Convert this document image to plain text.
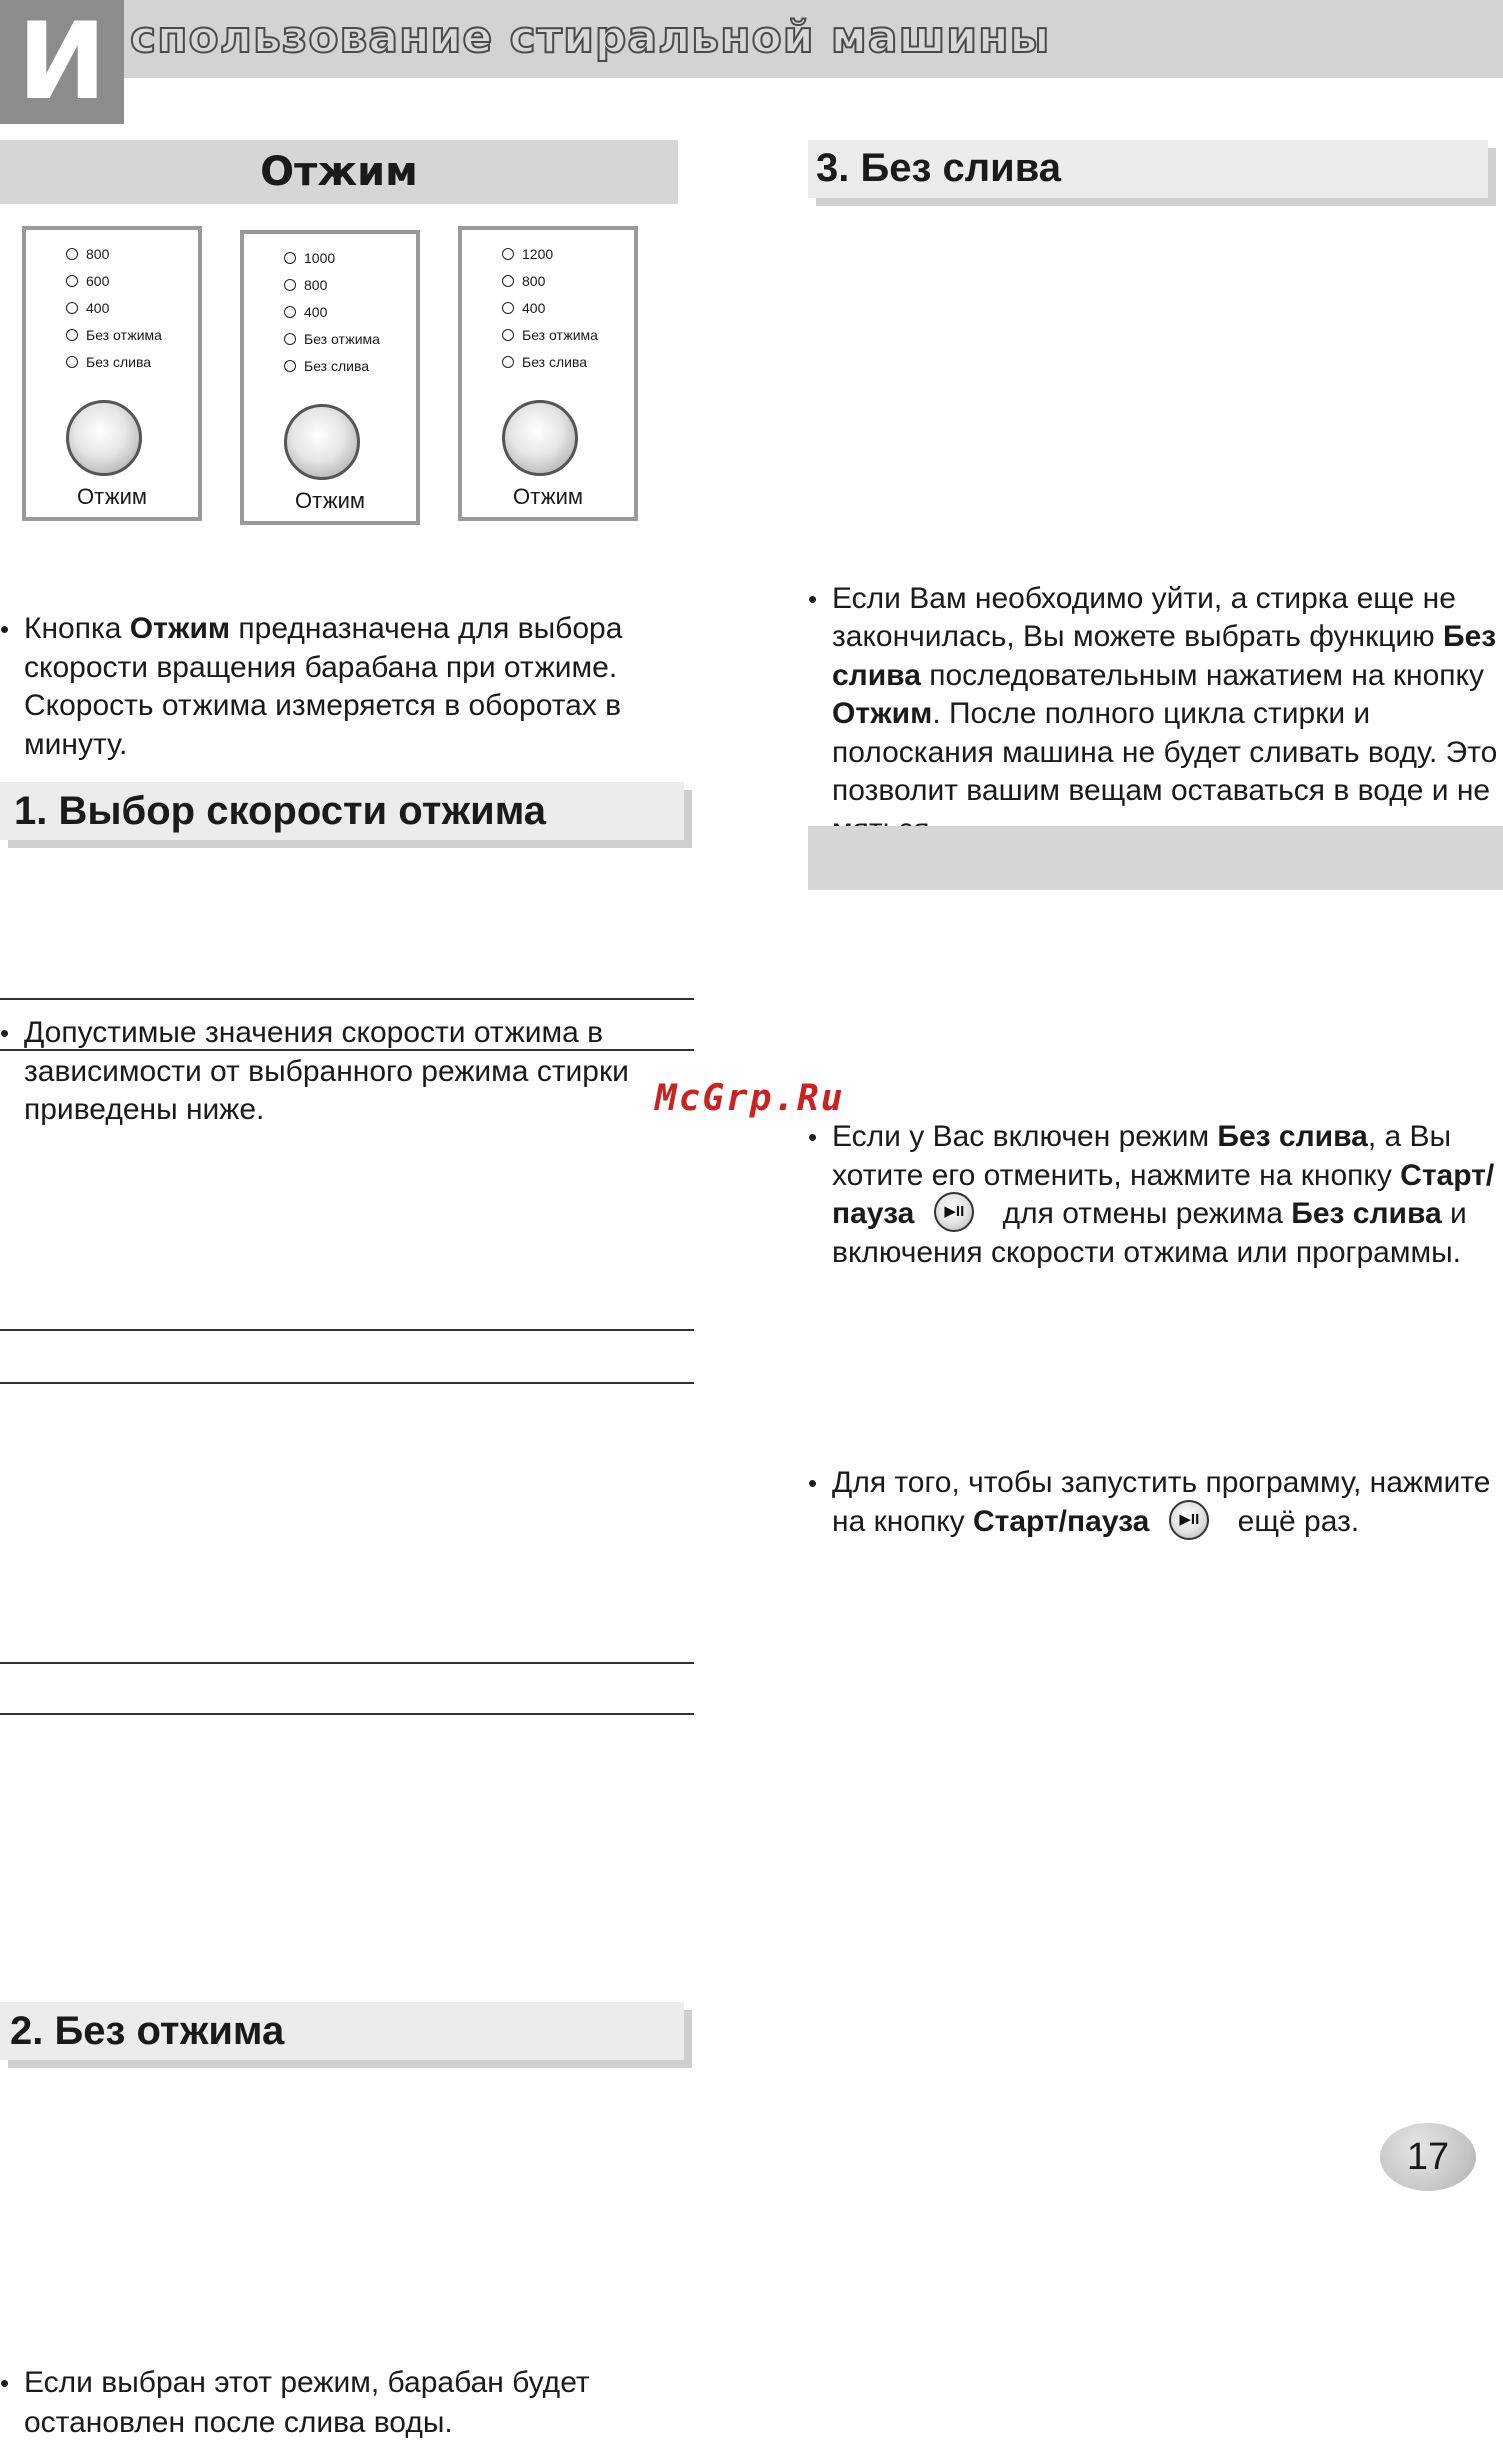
И спользование стиральной машины
Отжим
800
600
400
Без отжима
Без слива
Отжим
1000
800
400
Без отжима
Без слива
Отжим
1200
800
400
Без отжима
Без слива
Отжим
• Кнопка Отжим предназначена для выбора скорости вращения барабана при отжиме. Скорость отжима измеряется в оборотах в минуту.
1. Выбор скорости отжима
• Допустимые значения скорости отжима в зависимости от выбранного режима стирки приведены ниже.	McGrp.Ru
2. Без отжима
• Если выбран этот режим, барабан будет остановлен после слива воды.
3. Без слива
• Если Вам необходимо уйти, а стирка еще не закончилась, Вы можете выбрать функцию Без слива последовательным нажатием на кнопку Отжим. После полного цикла стирки и полоскания машина не будет сливать воду. Это позволит вашим вещам оставаться в воде и не
• Если у Вас включен режим Без слива, а Вы хотите его отменить, нажмите на кнопку Старт/пауза ▶II для отмены режима Без слива и включения скорости отжима или программы.
• Для того, чтобы запустить программу, нажмите на кнопку Старт/пауза ▶II ещё раз.
17
